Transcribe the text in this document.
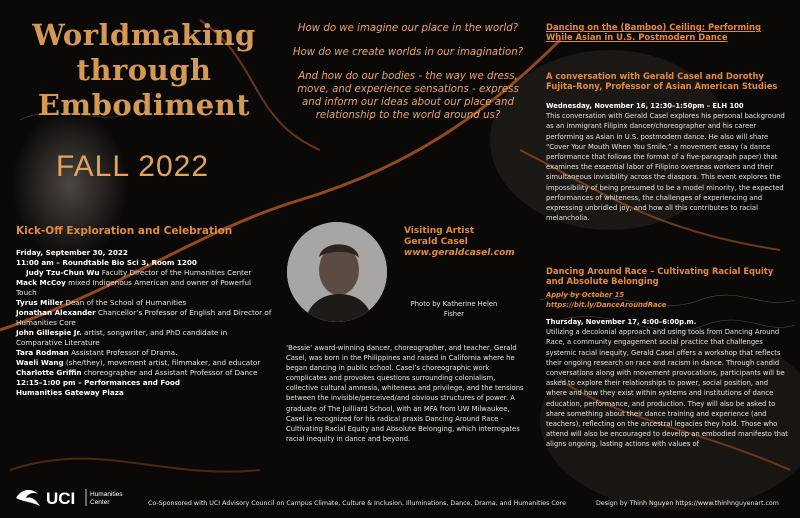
Worldmaking
through
Embodiment
FALL 2022
Kick-Off Exploration and Celebration
Friday, September 30, 2022
11:00 am – Roundtable Bio Sci 3, Room 1200
Judy Tzu-Chun Wu Faculty Director of the Humanities Center
Mack McCoy mixed Indigenous American and owner of Powerful Touch
Tyrus Miller Dean of the School of Humanities
Jonathan Alexander Chancellor’s Professor of English and Director of Humanities Core
John Gillespie Jr. artist, songwriter, and PhD candidate in Comparative Literature
Tara Rodman Assistant Professor of Drama.
Waeli Wang (she/they), movement artist, filmmaker, and educator
Charlotte Griffin choreographer and Assistant Professor of Dance
12:15–1:00 pm – Performances and Food
Humanities Gateway Plaza

How do we imagine our place in the world?

How do we create worlds in our imagination?

And how do our bodies - the way we dress, move, and experience sensations - express and inform our ideas about our place and relationship to the world around us?

Visiting Artist
Gerald Casel
www.geraldcasel.com
Photo by Katherine Helen Fisher
‘Bessie’ award-winning dancer, choreographer, and teacher, Gerald Casel, was born in the Philippines and raised in California where he began dancing in public school. Casel’s choreographic work complicates and provokes questions surrounding colonialism, collective cultural amnesia, whiteness and privilege, and the tensions between the invisible/perceived/and obvious structures of power. A graduate of The Juilliard School, with an MFA from UW Milwaukee, Casel is recognized for his radical praxis Dancing Around Race - Cultivating Racial Equity and Absolute Belonging, which interrogates racial inequity in dance and beyond.
Dancing on the (Bamboo) Ceiling: Performing While Asian in U.S. Postmodern Dance
A conversation with Gerald Casel and Dorothy Fujita-Rony, Professor of Asian American Studies
Wednesday, November 16, 12:30–1:50pm – ELH 100
This conversation with Gerald Casel explores his personal background as an immigrant Filipinx dancer/choreographer and his career performing as Asian in U.S. postmodern dance. He also will share “Cover Your Mouth When You Smile,” a movement essay (a dance performance that follows the format of a five-paragraph paper) that examines the essential labor of Filipino overseas workers and their simultaneous invisibility across the diaspora. This event explores the impossibility of being presumed to be a model minority, the expected performances of whiteness, the challenges of experiencing and expressing unbridled joy, and how all this contributes to racial melancholia.
Dancing Around Race – Cultivating Racial Equity and Absolute Belonging
Apply by October 15
https://bit.ly/DanceAroundRace
Thursday, November 17, 4:00–6:00p.m.
Utilizing a decolonial approach and using tools from Dancing Around Race, a community engagement social practice that challenges systemic racial inequity, Gerald Casel offers a workshop that reflects their ongoing research on race and racism in dance. Through candid conversations along with movement provocations, participants will be asked to explore their relationships to power, social position, and where and how they exist within systems and institutions of dance education, performance, and production. They will also be asked to share something about their dance training and experience (and teachers), reflecting on the ancestral legacies they hold. Those who attend will also be encouraged to develop an embodied manifesto that aligns ongoing, lasting actions with values of
UCI Humanities
Center	Co-Sponsored with UCI Advisory Council on Campus Climate, Culture & Inclusion, Illuminations, Dance, Drama, and Humanities Core	Design by Thinh Nguyen https://www.thinhnguyenart.com
